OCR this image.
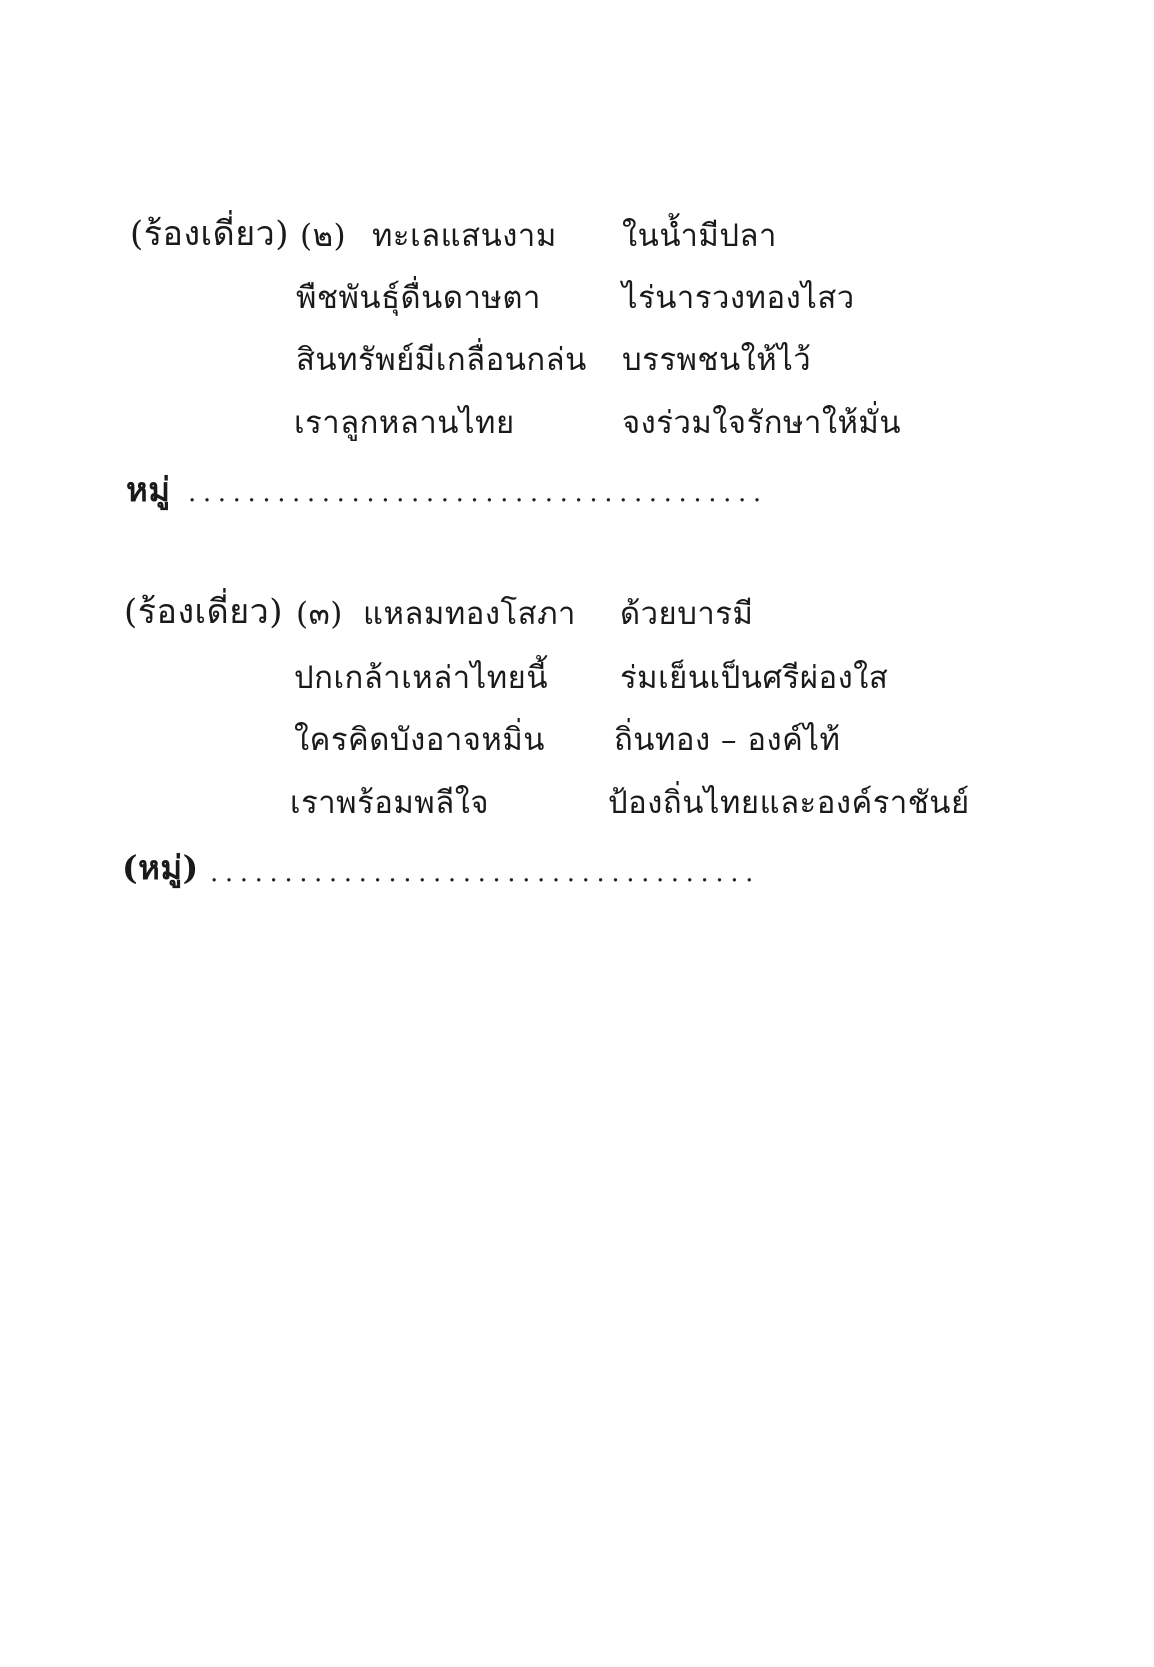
(ร้องเดี่ยว) (๒) ทะเลแสนงาม ในน้ำมีปลา
พืชพันธุ์ดื่นดาษตา	ไร่นารวงทองไสว
สินทรัพย์มีเกลื่อนกล่น บรรพชนให้ไว้
เราลูกหลานไทย	จงร่วมใจรักษาให้มั่น
หมู่ .......................................
(ร้องเดี่ยว) (๓) แหลมทองโสภา ด้วยบารมี
ปกเกล้าเหล่าไทยนี้ ร่มเย็นเป็นศรีผ่องใส
ใครคิดบังอาจหมิ่น ถิ่นทอง – องค์ไท้
เราพร้อมพลีใจ	ป้องถิ่นไทยและองค์ราชันย์
(หมู่) .....................................
